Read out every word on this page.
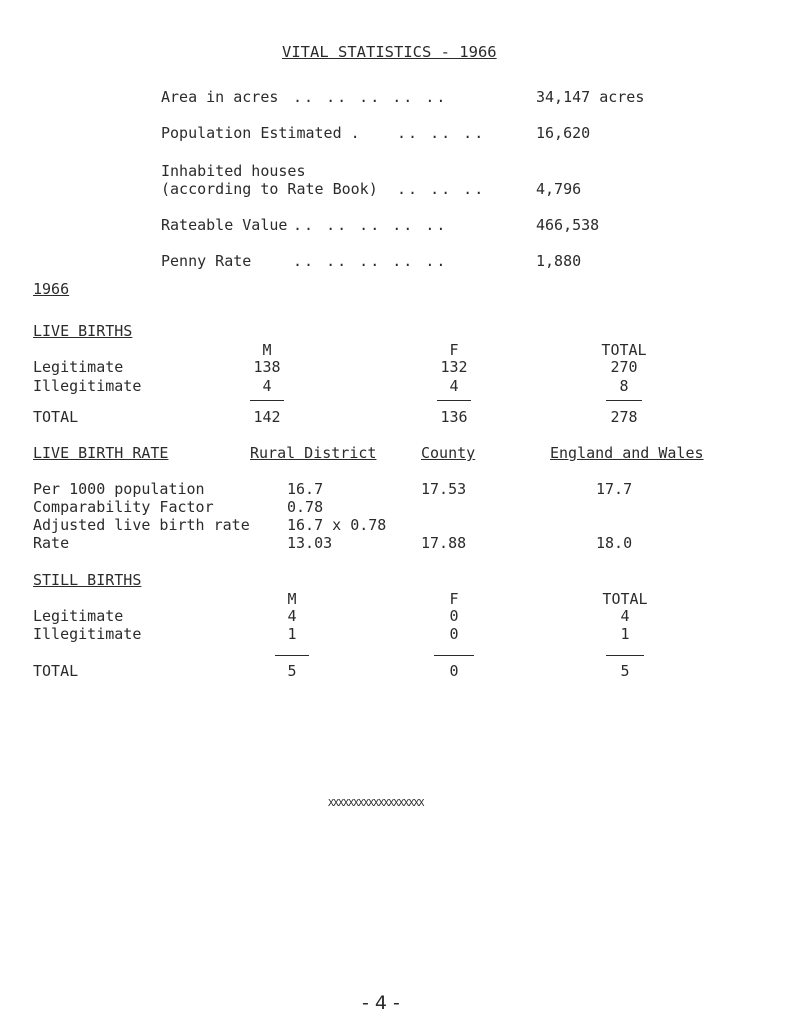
VITAL STATISTICS - 1966
Area in acres .. .. .. .. ..	34,147 acres
Population Estimated . .. .. ..	16,620
Inhabited houses
(according to Rate Book) .. .. ..	4,796
Rateable Value .. .. .. .. ..	466,538
Penny Rate	.. .. .. .. ..	1,880
1966
LIVE BIRTHS
M	F	TOTAL
Legitimate	138	132	270
Illegitimate	4	4	8
TOTAL	142	136	278
LIVE BIRTH RATE	Rural District	County	England and Wales
Per 1000 population	16.7	17.53	17.7
Comparability Factor	0.78
Adjusted live birth rate 16.7 x 0.78
Rate	13.03	17.88	18.0
STILL BIRTHS
M	F	TOTAL
Legitimate	4	0	4
Illegitimate	1	0	1
TOTAL	5	0	5
XXXXXXXXXXXXXXXXXXX
- 4 -
